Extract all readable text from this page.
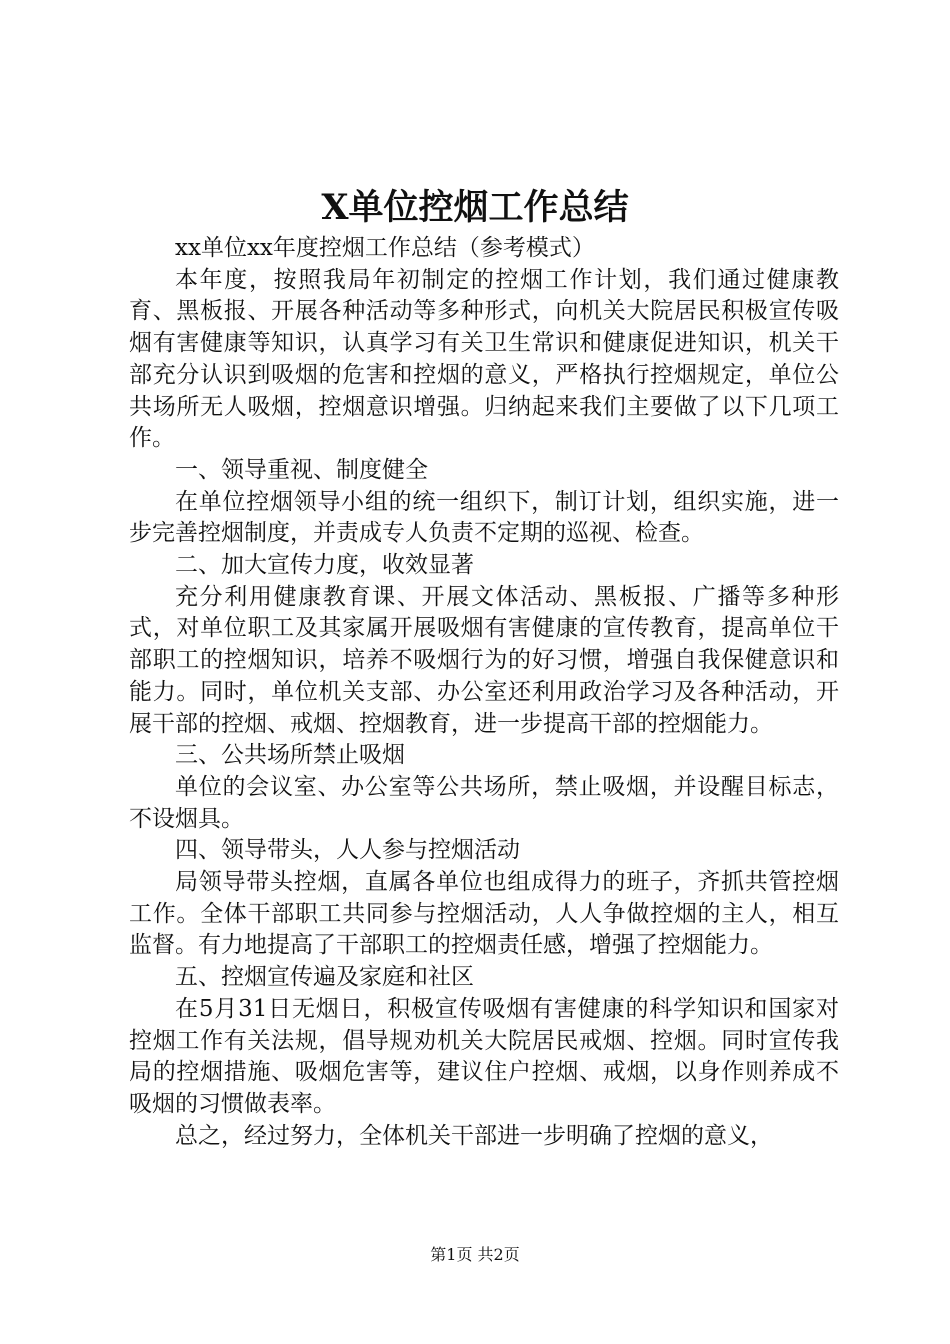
X单位控烟工作总结

xx单位xx年度控烟工作总结（参考模式）

本年度，按照我局年初制定的控烟工作计划，我们通过健康教育、黑板报、开展各种活动等多种形式，向机关大院居民积极宣传吸烟有害健康等知识，认真学习有关卫生常识和健康促进知识，机关干部充分认识到吸烟的危害和控烟的意义，严格执行控烟规定，单位公共场所无人吸烟，控烟意识增强。归纳起来我们主要做了以下几项工作。

一、领导重视、制度健全

在单位控烟领导小组的统一组织下，制订计划，组织实施，进一步完善控烟制度，并责成专人负责不定期的巡视、检查。

二、加大宣传力度，收效显著

充分利用健康教育课、开展文体活动、黑板报、广播等多种形式，对单位职工及其家属开展吸烟有害健康的宣传教育，提高单位干部职工的控烟知识，培养不吸烟行为的好习惯，增强自我保健意识和能力。同时，单位机关支部、办公室还利用政治学习及各种活动，开展干部的控烟、戒烟、控烟教育，进一步提高干部的控烟能力。

三、公共场所禁止吸烟

单位的会议室、办公室等公共场所，禁止吸烟，并设醒目标志，不设烟具。

四、领导带头，人人参与控烟活动

局领导带头控烟，直属各单位也组成得力的班子，齐抓共管控烟工作。全体干部职工共同参与控烟活动，人人争做控烟的主人，相互监督。有力地提高了干部职工的控烟责任感，增强了控烟能力。

五、控烟宣传遍及家庭和社区

在5月31日无烟日，积极宣传吸烟有害健康的科学知识和国家对控烟工作有关法规，倡导规劝机关大院居民戒烟、控烟。同时宣传我局的控烟措施、吸烟危害等，建议住户控烟、戒烟，以身作则养成不吸烟的习惯做表率。

总之，经过努力，全体机关干部进一步明确了控烟的意义，

第1页 共2页
